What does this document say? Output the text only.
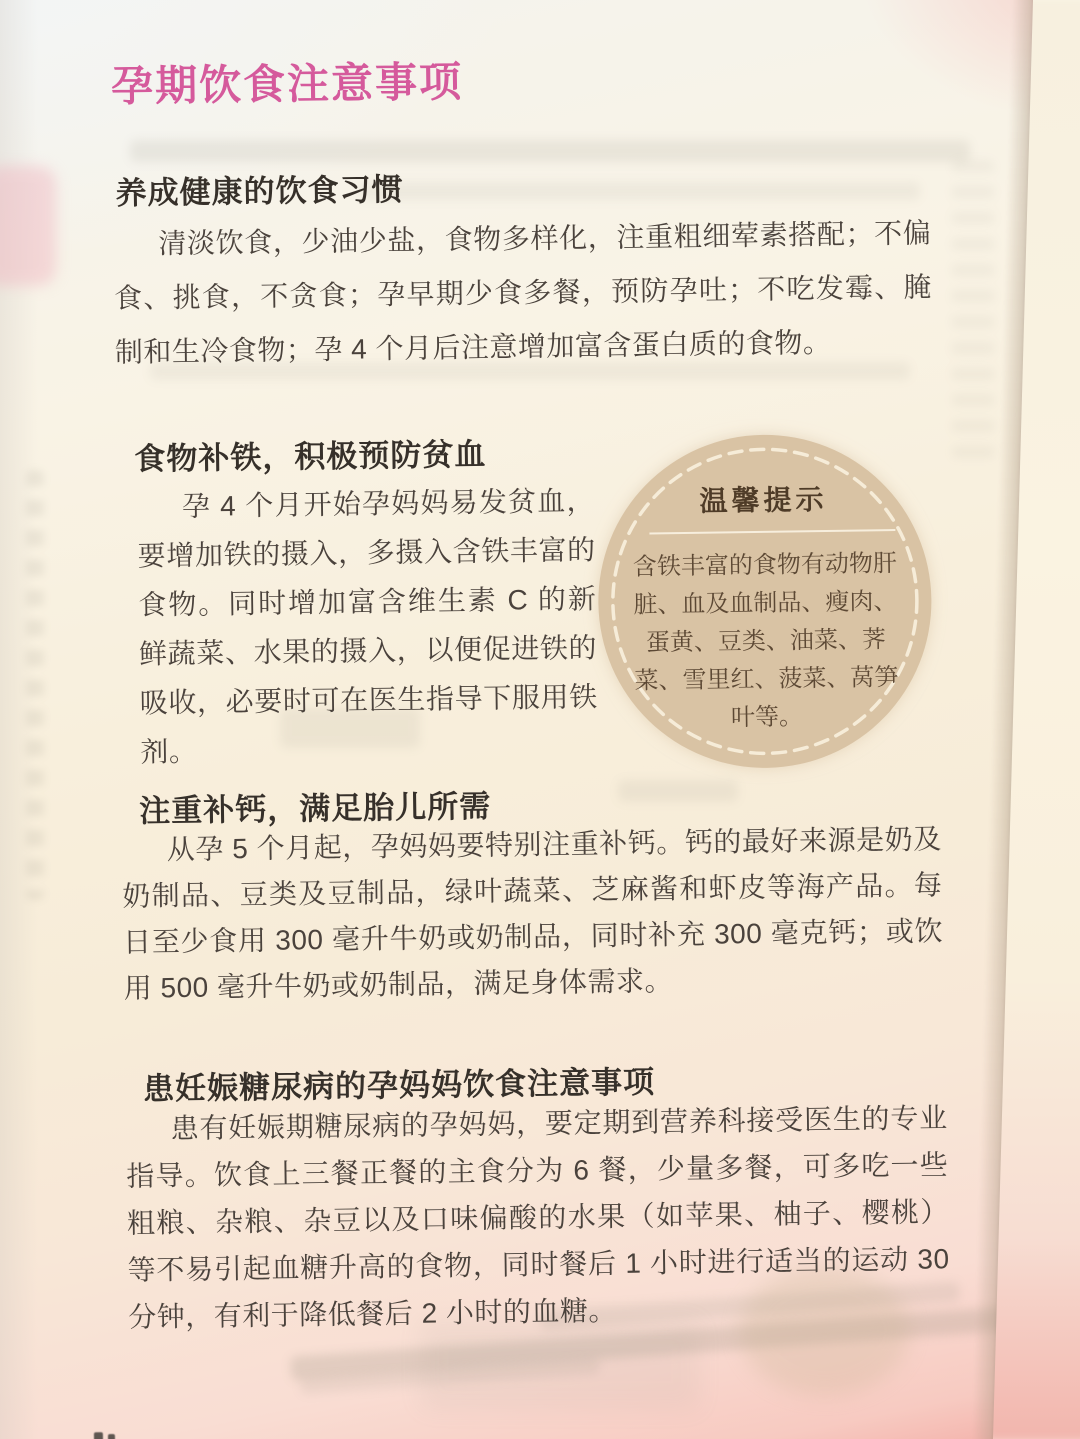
孕期饮食注意事项
养成健康的饮食习惯
清淡饮食，少油少盐，食物多样化，注重粗细荤素搭配；不偏食、挑食，不贪食；孕早期少食多餐，预防孕吐；不吃发霉、腌制和生冷食物；孕 4 个月后注意增加富含蛋白质的食物。
食物补铁，积极预防贫血
孕 4 个月开始孕妈妈易发贫血，要增加铁的摄入，多摄入含铁丰富的食物。同时增加富含维生素 C 的新鲜蔬菜、水果的摄入，以便促进铁的吸收，必要时可在医生指导下服用铁剂。
温馨提示
含铁丰富的食物有动物肝脏、血及血制品、瘦肉、蛋黄、豆类、油菜、荠菜、雪里红、菠菜、莴笋叶等。
注重补钙，满足胎儿所需
从孕 5 个月起，孕妈妈要特别注重补钙。钙的最好来源是奶及奶制品、豆类及豆制品，绿叶蔬菜、芝麻酱和虾皮等海产品。每日至少食用 300 毫升牛奶或奶制品，同时补充 300 毫克钙；或饮用 500 毫升牛奶或奶制品，满足身体需求。
患妊娠糖尿病的孕妈妈饮食注意事项
患有妊娠期糖尿病的孕妈妈，要定期到营养科接受医生的专业指导。饮食上三餐正餐的主食分为 6 餐，少量多餐，可多吃一些粗粮、杂粮、杂豆以及口味偏酸的水果（如苹果、柚子、樱桃）等不易引起血糖升高的食物，同时餐后 1 小时进行适当的运动 30 分钟，有利于降低餐后 2 小时的血糖。
